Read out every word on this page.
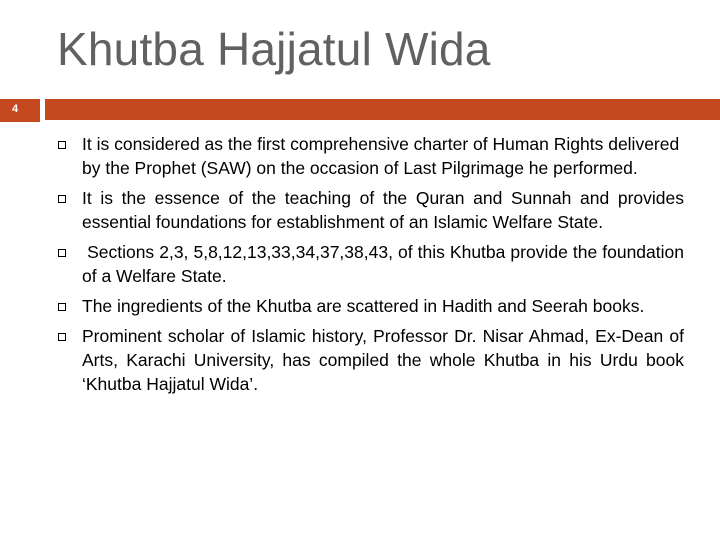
Khutba Hajjatul Wida
4
It is considered as the first comprehensive charter of Human Rights delivered by the Prophet (SAW) on the occasion of Last Pilgrimage he performed.
It is the essence of the teaching of the Quran and Sunnah and provides essential foundations for establishment of an Islamic Welfare State.
Sections 2,3, 5,8,12,13,33,34,37,38,43, of this Khutba provide the foundation of a Welfare State.
The ingredients of the Khutba are scattered in Hadith and Seerah books.
Prominent scholar of Islamic history, Professor Dr. Nisar Ahmad, Ex-Dean of Arts, Karachi University, has compiled the whole Khutba in his Urdu book ‘Khutba Hajjatul Wida’.
